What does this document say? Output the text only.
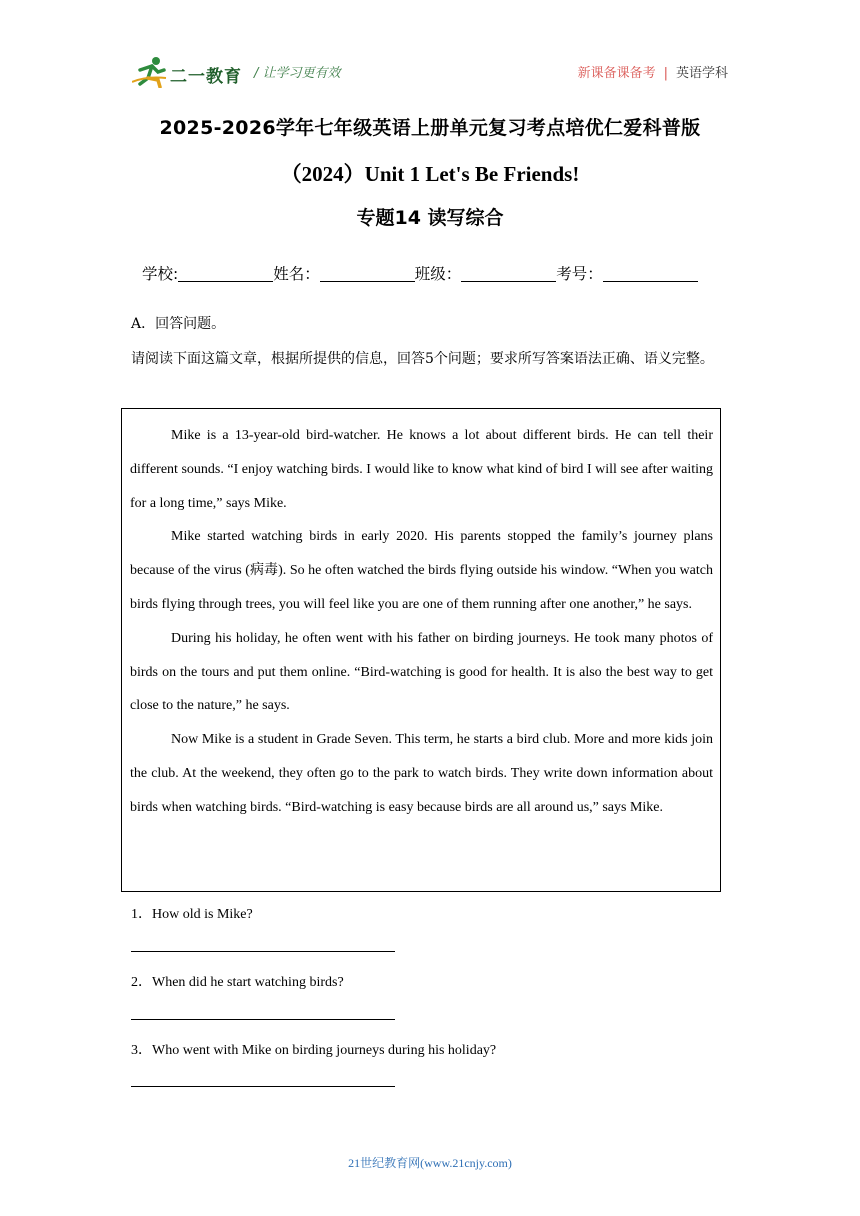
二一教育 / 让学习更有效	新课备课备考 | 英语学科
2025-2026学年七年级英语上册单元复习考点培优仁爱科普版
（2024）Unit 1 Let's Be Friends!
专题14 读写综合
学校:	姓名：	班级：	考号：
A．回答问题。
请阅读下面这篇文章，根据所提供的信息，回答5个问题；要求所写答案语法正确、语义完整。

Mike is a 13-year-old bird-watcher. He knows a lot about different birds. He can tell their different sounds. “I enjoy watching birds. I would like to know what kind of bird I will see after waiting for a long time,” says Mike.

Mike started watching birds in early 2020. His parents stopped the family’s journey plans because of the virus (病毒). So he often watched the birds flying outside his window. “When you watch birds flying through trees, you will feel like you are one of them running after one another,” he says.

During his holiday, he often went with his father on birding journeys. He took many photos of birds on the tours and put them online. “Bird-watching is good for health. It is also the best way to get close to the nature,” he says.

Now Mike is a student in Grade Seven. This term, he starts a bird club. More and more kids join the club. At the weekend, they often go to the park to watch birds. They write down information about birds when watching birds. “Bird-watching is easy because birds are all around us,” says Mike.

1．How old is Mike?
2．When did he start watching birds?
3．Who went with Mike on birding journeys during his holiday?
21世纪教育网(www.21cnjy.com)
